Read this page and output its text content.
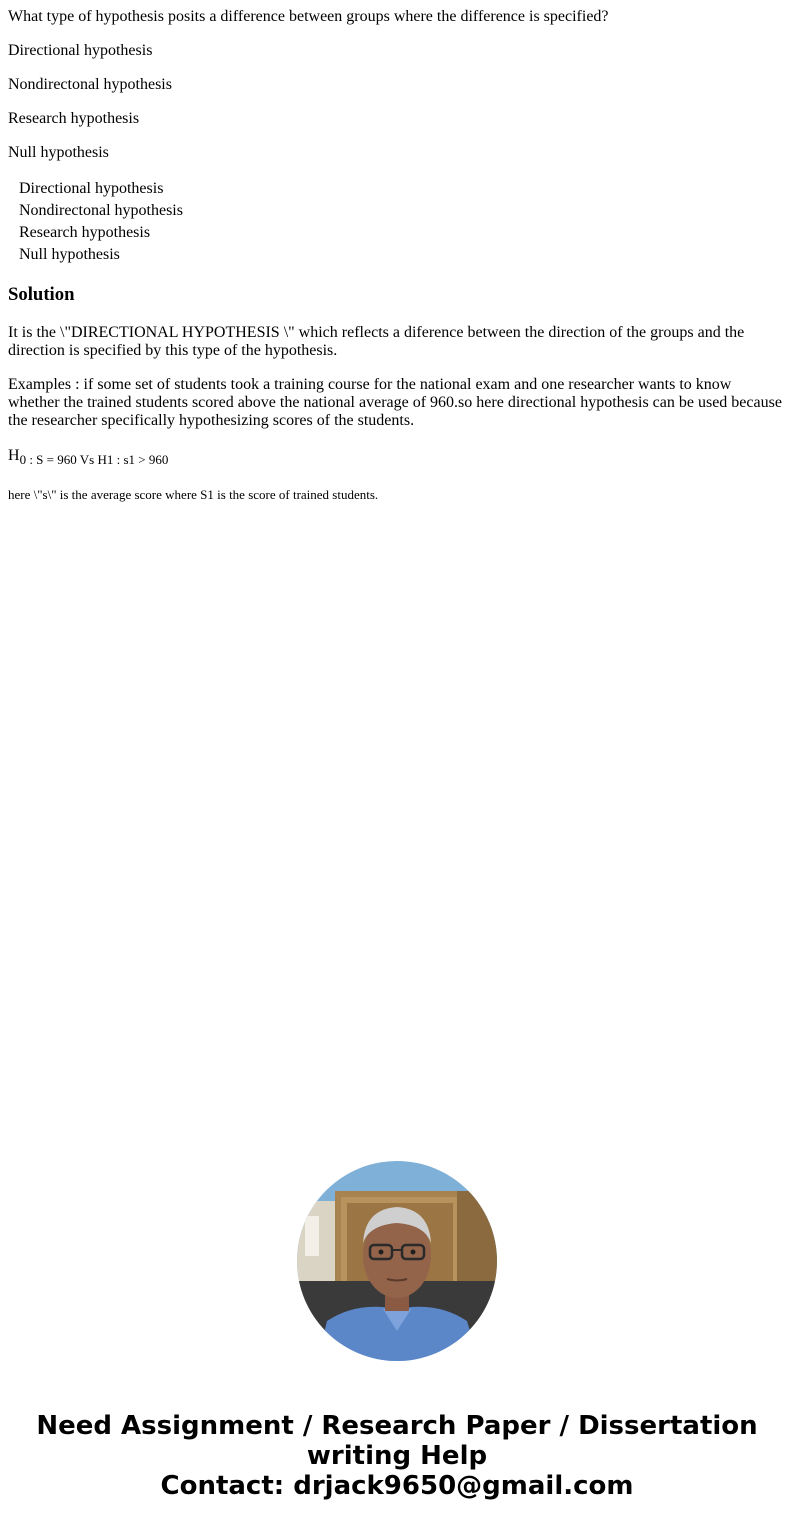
What type of hypothesis posits a difference between groups where the difference is specified?

Directional hypothesis

Nondirectonal hypothesis

Research hypothesis

Null hypothesis

Directional hypothesis
Nondirectonal hypothesis
Research hypothesis
Null hypothesis
Solution

It is the \"DIRECTIONAL HYPOTHESIS \" which reflects a diference between the direction of the groups and the direction is specified by this type of the hypothesis.

Examples : if some set of students took a training course for the national exam and one researcher wants to know whether the trained students scored above the national average of 960.so here directional hypothesis can be used because the researcher specifically hypothesizing scores of the students.

$H_{0 : S = 960 Vs H1 : s1 > 960}$

here \"s\" is the average score where S1 is the score of trained students.

Need Assignment / Research Paper / Dissertation
writing Help
Contact: drjack9650@gmail.com
